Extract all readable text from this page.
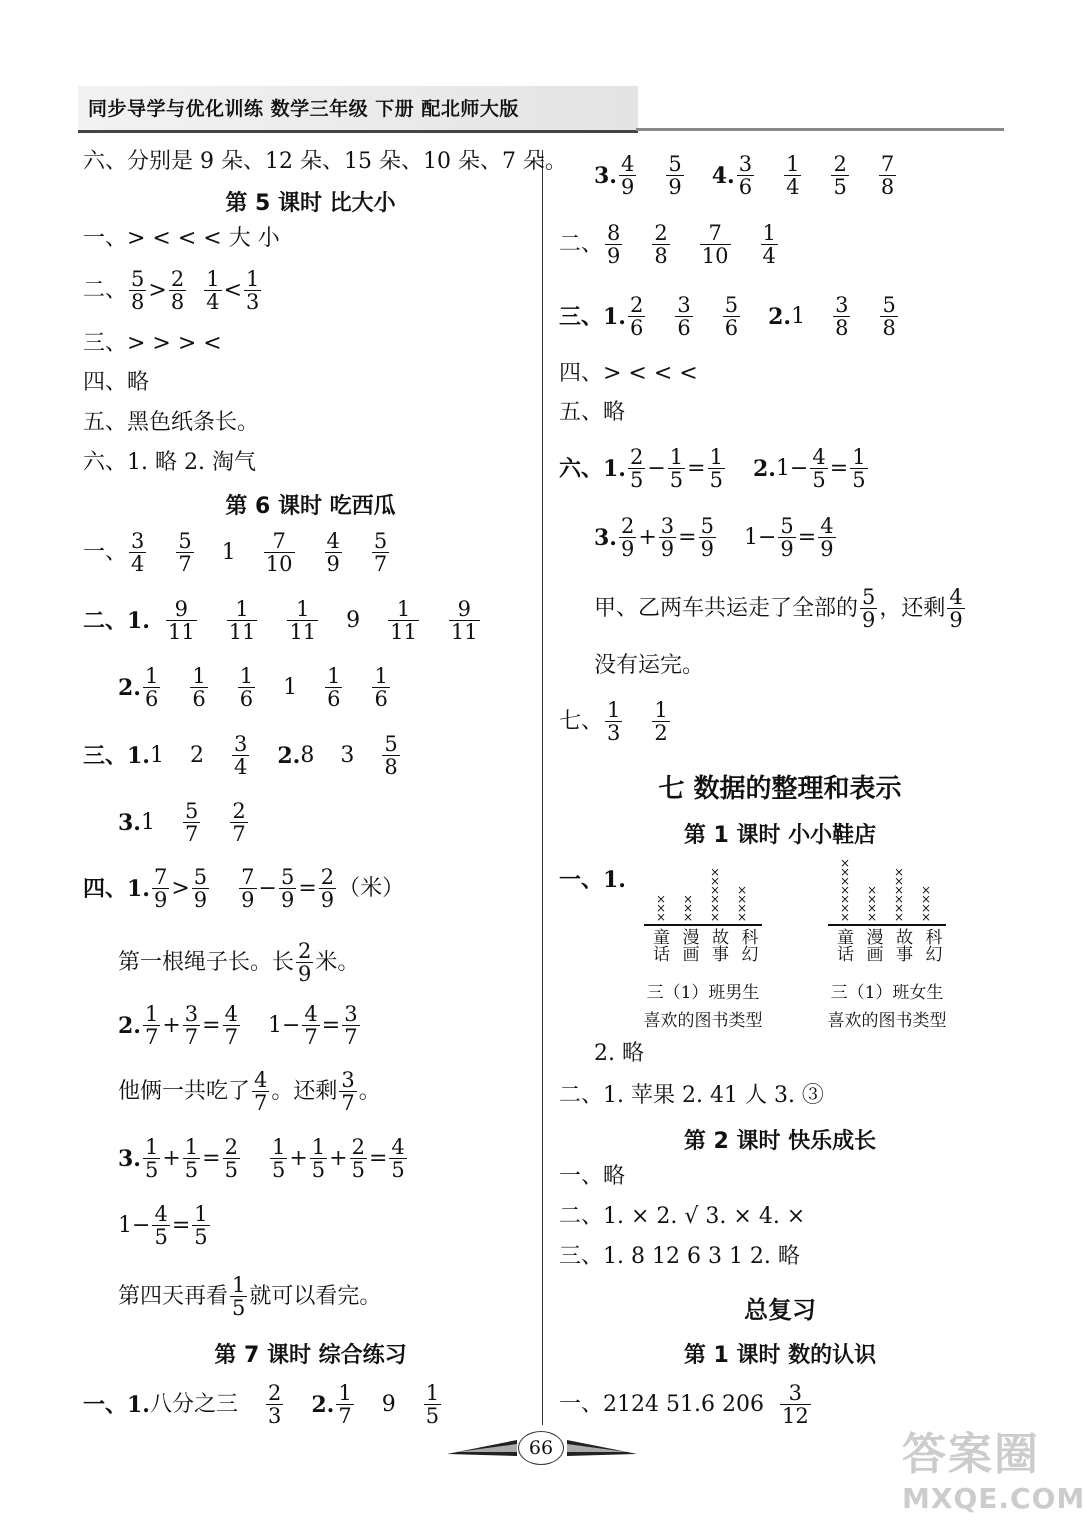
同步导学与优化训练 数学三年级 下册 配北师大版
六、分别是 9 朵、12 朵、15 朵、10 朵、7 朵。
第 5 课时 比大小
一、> < < < 大 小
二、 $\frac{5}{8} > \frac{2}{8} \frac{1}{4} < \frac{1}{3}$
三、> > > <
四、略
五、黑色纸条长。
六、1. 略 2. 淘气
第 6 课时 吃西瓜
一、 $\frac{3}{4} \frac{5}{7} 1 \frac{7}{10} \frac{4}{9} \frac{5}{7}$
二、1. $\frac{9}{11} \frac{1}{11} \frac{1}{11} 9 \frac{1}{11} \frac{9}{11}$
2. $\frac{1}{6} \frac{1}{6} \frac{1}{6} 1 \frac{1}{6} \frac{1}{6}$
三、1. 1 $2 \frac{3}{4} 2$. 8 $3 \frac{5}{8}$
3. $1 \frac{5}{7} \frac{2}{7}$
四、1. $\frac{7}{9} > \frac{5}{9} \frac{7}{9} - \frac{5}{9} = \frac{2}{9}$ （米）
第一根绳子长。长 $\frac{2}{9}$ 米。
2. $\frac{1}{7} + \frac{3}{7} = \frac{4}{7} 1- \frac{4}{7} = \frac{3}{7}$
他俩一共吃了 $\frac{4}{7}$ 。还剩 $\frac{3}{7}$ 。
3. $\frac{1}{5} + \frac{1}{5} = \frac{2}{5} \frac{1}{5} + \frac{1}{5} + \frac{2}{5} = \frac{4}{5}$
$1- \frac{4}{5} = \frac{1}{5}$
第四天再看 $\frac{1}{5}$ 就可以看完。
第 7 课时 综合练习
一、1. 八分之三 $\frac{2}{3} 2$. $\frac{1}{7} 9 \frac{1}{5}$
3. $\frac{4}{9} \frac{5}{9} 4$. $\frac{3}{6} \frac{1}{4} \frac{2}{5} \frac{7}{8}$
二、 $\frac{8}{9} \frac{2}{8} \frac{7}{10} \frac{1}{4}$
三、1. $\frac{2}{6} \frac{3}{6} \frac{5}{6} 2$. $1 \frac{3}{8} \frac{5}{8}$
四、> < < <
五、略
六、1. $\frac{2}{5} - \frac{1}{5} = \frac{1}{5} 2$. $1- \frac{4}{5} = \frac{1}{5}$
3. $\frac{2}{9} + \frac{3}{9} = \frac{5}{9} 1- \frac{5}{9} = \frac{4}{9}$
甲、乙两车共运走了全部的 $\frac{5}{9}$ ，还剩 $\frac{4}{9}$
没有运完。
七、 $\frac{1}{3} \frac{1}{2}$
七 数据的整理和表示
第 1 课时 小小鞋店
一、1.
童话 漫画 故事 科幻
三（1）班男生
喜欢的图书类型
×
×
×
×
×
×
×
×
×
×
×
×
×
×
×
×
童话 漫画 故事 科幻
三（1）班女生
喜欢的图书类型
×
×
×
×
×
×
×
×
×
×
×
×
×
×
×
×
×
×
×
×
×
2. 略
二、1. 苹果 2. 41 人 3. ③
第 2 课时 快乐成长
一、略
二、1. × 2. √ 3. × 4. ×
三、1. 8 12 6 3 1 2. 略
总复习
第 1 课时 数的认识
一、2124 51.6 $206 \frac{3}{12}$
66	答案圈
MXQE.COM
